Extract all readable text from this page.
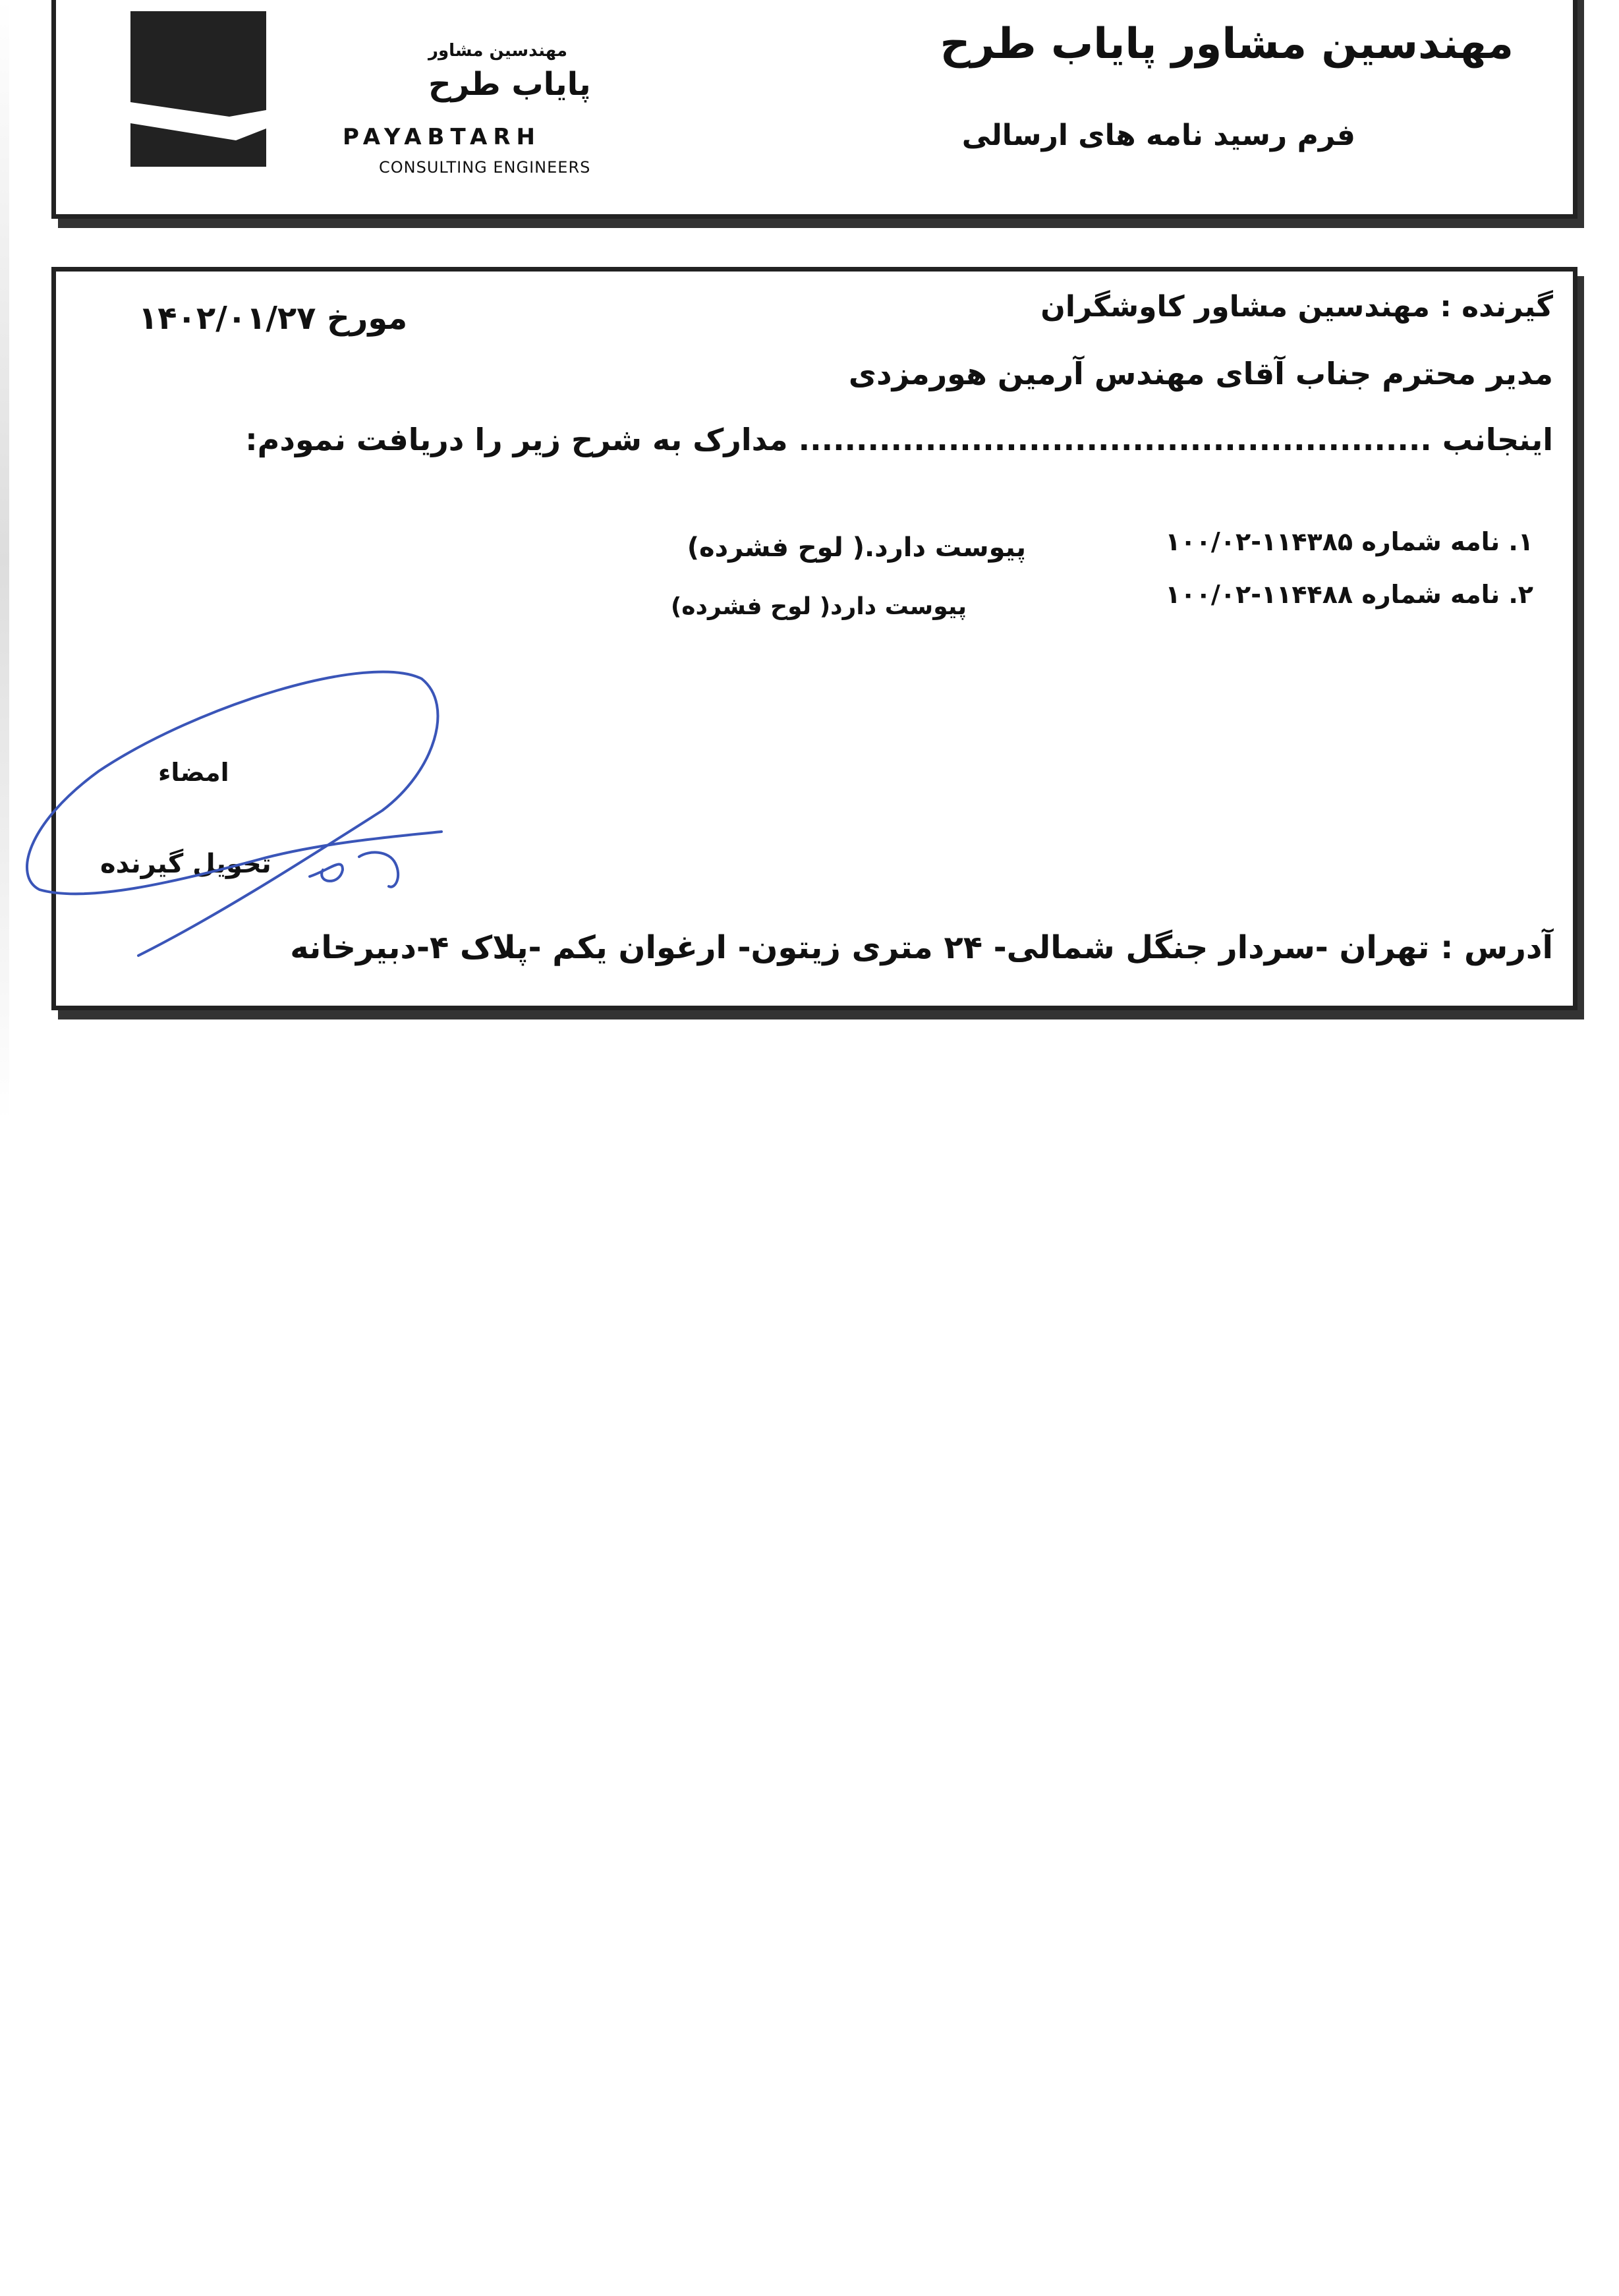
مهندسین مشاور
پایاب طرح
PAYABTARH
CONSULTING ENGINEERS
مهندسین مشاور پایاب طرح
فرم رسید نامه های ارسالی
گیرنده : مهندسین مشاور کاوشگران
مورخ ۱۴۰۲/۰۱/۲۷
مدیر محترم جناب آقای مهندس آرمین هورمزدی
اینجانب ....................................................... مدارک به شرح زیر را دریافت نمودم:
۱. نامه شماره ۱۱۴۳۸۵-۱۰۰/۰۲
پیوست دارد.( لوح فشرده)
۲. نامه شماره ۱۱۴۴۸۸-۱۰۰/۰۲
پیوست دارد( لوح فشرده)
امضاء
تحویل گیرنده
آدرس : تهران -سردار جنگل شمالی- ۲۴ متری زیتون- ارغوان یکم -پلاک ۴-دبیرخانه
